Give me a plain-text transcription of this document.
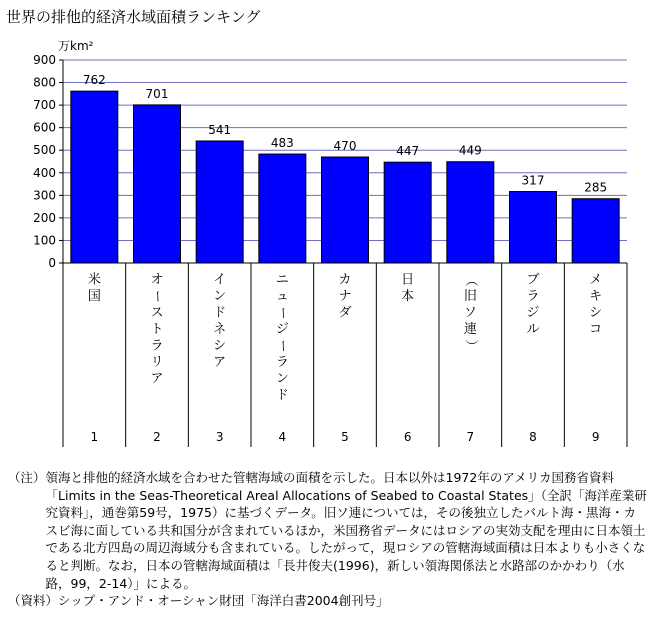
世界の排他的経済水域面積ランキング
万km²
762
701
541
483	470	447	449
317
285
0
100
200
300
400
500
600
700
800
900
米
国
オ
ー
ス
ト
ラ
リ
ア
イ
ン
ド
ネ
シ
ア
ニ
ュ
ー
ジ
ー
ラ
ン
ド
カ
ナ
ダ
日
本
（
旧
ソ
連
）
ブ
ラ
ジ
ル
メ
キ
シ
コ
1	2	3	4	5	6	7	8	9
（注） 領海と排他的経済水域を合わせた管轄海域の面積を示した。日本以外は1972年のアメリカ国務省資料「Limits in the Seas-Theoretical Areal Allocations of Seabed to Coastal States」（全訳「海洋産業研究資料」，通巻第59号，1975）に基づくデータ。旧ソ連については，その後独立したバルト海・黒海・カスビ海に面している共和国分が含まれているほか，米国務省データにはロシアの実効支配を理由に日本領土である北方四島の周辺海域分も含まれている。したがって，現ロシアの管轄海域面積は日本よりも小さくなると判断。なお，日本の管轄海域面積は「長井俊夫(1996)，新しい領海関係法と水路部のかかわり（水路，99，2-14）」による。

（資料）シップ・アンド・オーシャン財団「海洋白書2004創刊号」
